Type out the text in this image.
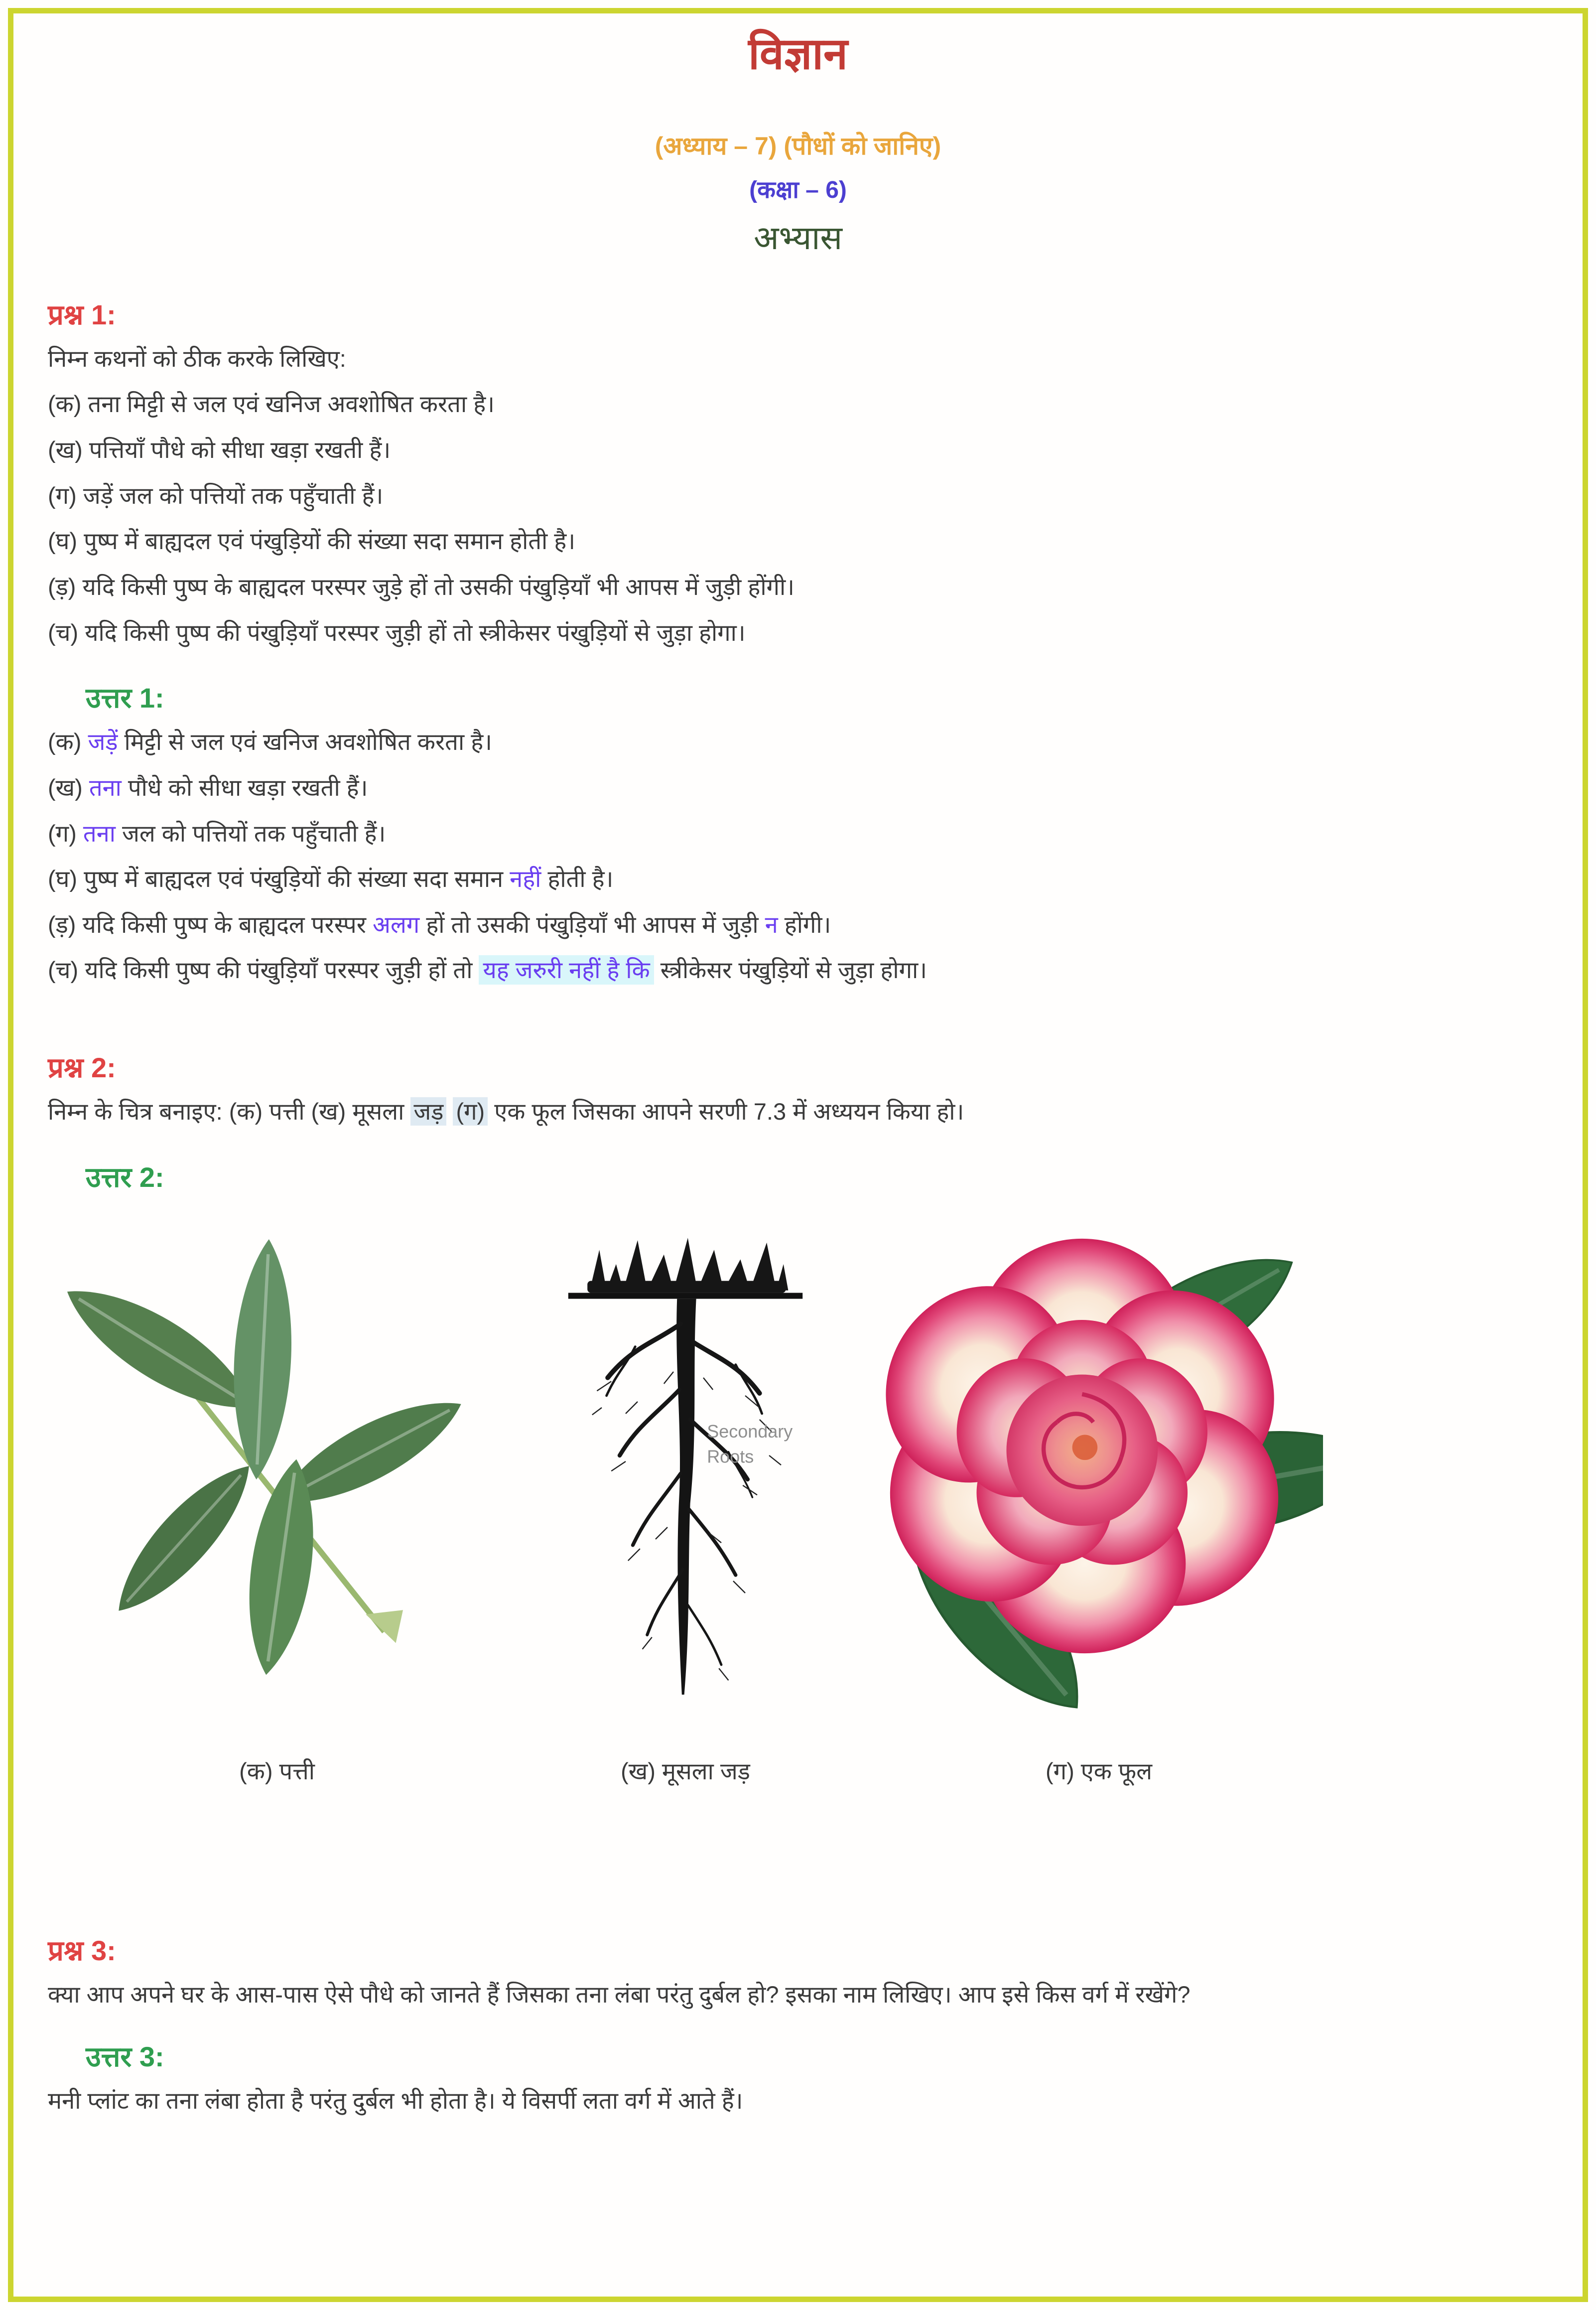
विज्ञान
(अध्याय – 7) (पौधों को जानिए)
(कक्षा – 6)
अभ्यास
प्रश्न 1:

निम्न कथनों को ठीक करके लिखिए:

(क) तना मिट्टी से जल एवं खनिज अवशोषित करता है।

(ख) पत्तियाँ पौधे को सीधा खड़ा रखती हैं।

(ग) जड़ें जल को पत्तियों तक पहुँचाती हैं।

(घ) पुष्प में बाह्यदल एवं पंखुड़ियों की संख्या सदा समान होती है।

(ड़) यदि किसी पुष्प के बाह्यदल परस्पर जुड़े हों तो उसकी पंखुड़ियाँ भी आपस में जुड़ी होंगी।

(च) यदि किसी पुष्प की पंखुड़ियाँ परस्पर जुड़ी हों तो स्त्रीकेसर पंखुड़ियों से जुड़ा होगा।

उत्तर 1:

(क) जड़ें मिट्टी से जल एवं खनिज अवशोषित करता है।

(ख) तना पौधे को सीधा खड़ा रखती हैं।

(ग) तना जल को पत्तियों तक पहुँचाती हैं।

(घ) पुष्प में बाह्यदल एवं पंखुड़ियों की संख्या सदा समान नहीं होती है।

(ड़) यदि किसी पुष्प के बाह्यदल परस्पर अलग हों तो उसकी पंखुड़ियाँ भी आपस में जुड़ी न होंगी।

(च) यदि किसी पुष्प की पंखुड़ियाँ परस्पर जुड़ी हों तो यह जरुरी नहीं है कि स्त्रीकेसर पंखुड़ियों से जुड़ा होगा।

प्रश्न 2:

निम्न के चित्र बनाइए: (क) पत्ती (ख) मूसला जड़ (ग) एक फूल जिसका आपने सरणी 7.3 में अध्ययन किया हो।

उत्तर 2:
Secondary
Roots
(क) पत्ती	(ख) मूसला जड़	(ग) एक फूल
प्रश्न 3:

क्या आप अपने घर के आस-पास ऐसे पौधे को जानते हैं जिसका तना लंबा परंतु दुर्बल हो? इसका नाम लिखिए। आप इसे किस वर्ग में रखेंगे?

उत्तर 3:

मनी प्लांट का तना लंबा होता है परंतु दुर्बल भी होता है। ये विसर्पी लता वर्ग में आते हैं।
